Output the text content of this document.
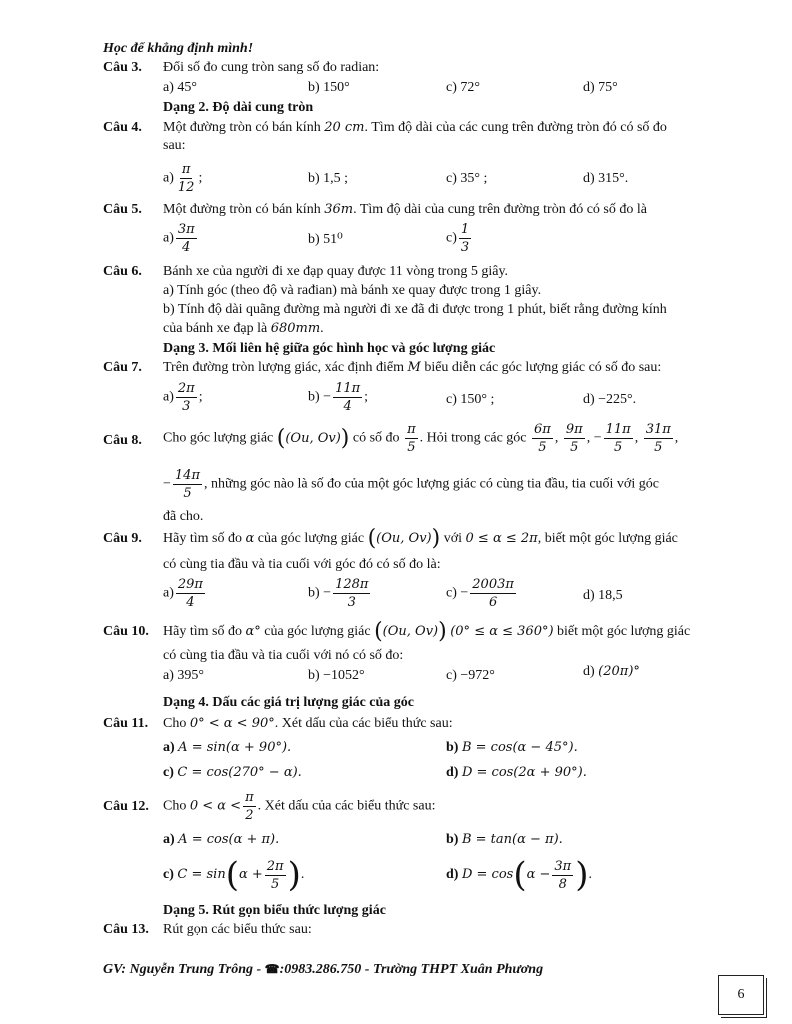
Học để khẳng định mình!
Câu 3. Đổi số đo cung tròn sang số đo radian:
a) 45°	b) 150°	c) 72°	d) 75°
Dạng 2. Độ dài cung tròn
Câu 4. Một đường tròn có bán kính 20 cm. Tìm độ dài của các cung trên đường tròn đó có số đo
sau:
$a) \frac{\pi}{12}$ ;	b) 1,5 ;	c) 35° ;	d) 315°.
Câu 5. Một đường tròn có bán kính 36m. Tìm độ dài của cung trên đường tròn đó có số đo là
$a) \frac{3\pi}{4}$	b) 51⁰	$c) \frac{1}{3}$
Câu 6. Bánh xe của người đi xe đạp quay được 11 vòng trong 5 giây.
a) Tính góc (theo độ và rađian) mà bánh xe quay được trong 1 giây.
b) Tính độ dài quãng đường mà người đi xe đã đi được trong 1 phút, biết rằng đường kính
của bánh xe đạp là 680mm.
Dạng 3. Mối liên hệ giữa góc hình học và góc lượng giác
Câu 7. Trên đường tròn lượng giác, xác định điểm M biểu diễn các góc lượng giác có số đo sau:
$a) \frac{2\pi}{3}$ ;	$b) - \frac{11\pi}{4}$ ;	c) 150° ;	d) −225°.
Câu 8. Cho góc lượng giác ((Ou, Ov)) có số đo $\frac{\pi}{5}$ . Hỏi trong các góc $\frac{6\pi}{5}$ , $\frac{9\pi}{5}$ , − $\frac{11\pi}{5}$ , $\frac{31\pi}{5}$ ,
− $\frac{14\pi}{5}$ , những góc nào là số đo của một góc lượng giác có cùng tia đầu, tia cuối với góc
đã cho.
Câu 9. Hãy tìm số đo α của góc lượng giác ((Ou, Ov)) với 0 ≤ α ≤ 2π, biết một góc lượng giác
có cùng tia đầu và tia cuối với góc đó có số đo là:
$a) \frac{29\pi}{4}$	$b) - \frac{128\pi}{3}$	$c) - \frac{2003\pi}{6}$	d) 18,5
Câu 10. Hãy tìm số đo α° của góc lượng giác ((Ou, Ov)) (0° ≤ α ≤ 360°) biết một góc lượng giác
có cùng tia đầu và tia cuối với nó có số đo:
a) 395°	b) −1052°	c) −972°	d) (20π)°
Dạng 4. Dấu các giá trị lượng giác của góc
Câu 11. Cho 0° < α < 90°. Xét dấu của các biểu thức sau:
a) A = sin(α + 90°).	b) B = cos(α − 45°).
c) C = cos(270° − α).	d) D = cos(2α + 90°).
Câu 12. Cho $0 < \alpha < \frac{\pi}{2}$ . Xét dấu của các biểu thức sau:
a) A = cos(α + π).	b) B = tan(α − π).
c) $C = \sin(\alpha + \frac{2\pi}{5}$ ).	d) $D = \cos(\alpha - \frac{3\pi}{8}$ ).
Dạng 5. Rút gọn biểu thức lượng giác
Câu 13. Rút gọn các biểu thức sau:
GV: Nguyễn Trung Trông - ☎:0983.286.750 - Trường THPT Xuân Phương
6
